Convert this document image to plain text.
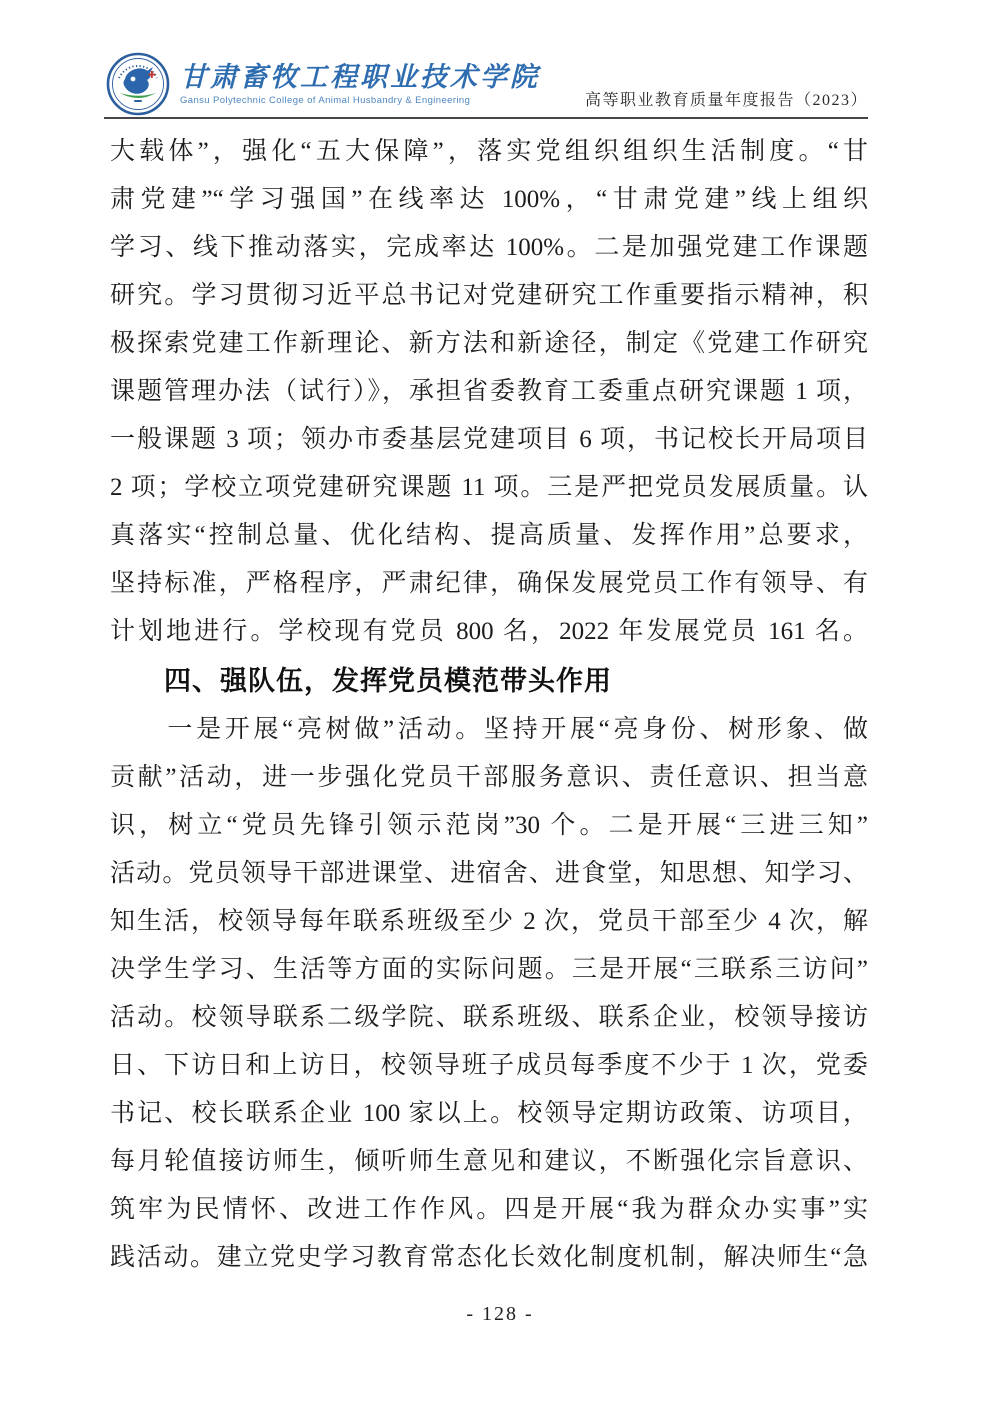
甘肃畜牧工程职业技术学院
Gansu Polytechnic College of Animal Husbandry & Engineering	高等职业教育质量年度报告（2023）
大载体”，强化“五大保障”，落实党组织组织生活制度。“甘
肃党建”“学习强国”在线率达 100%，“甘肃党建”线上组织
学习、线下推动落实，完成率达 100%。二是加强党建工作课题
研究。学习贯彻习近平总书记对党建研究工作重要指示精神，积
极探索党建工作新理论、新方法和新途径，制定《党建工作研究
课题管理办法（试行）》，承担省委教育工委重点研究课题 1 项，
一般课题 3 项；领办市委基层党建项目 6 项，书记校长开局项目
2 项；学校立项党建研究课题 11 项。三是严把党员发展质量。认
真落实“控制总量、优化结构、提高质量、发挥作用”总要求，
坚持标准，严格程序，严肃纪律，确保发展党员工作有领导、有
计划地进行。学校现有党员 800 名，2022 年发展党员 161 名。
四、强队伍，发挥党员模范带头作用
　　一是开展“亮树做”活动。坚持开展“亮身份、树形象、做
贡献”活动，进一步强化党员干部服务意识、责任意识、担当意
识，树立“党员先锋引领示范岗”30 个。二是开展“三进三知”
活动。党员领导干部进课堂、进宿舍、进食堂，知思想、知学习、
知生活，校领导每年联系班级至少 2 次，党员干部至少 4 次，解
决学生学习、生活等方面的实际问题。三是开展“三联系三访问”
活动。校领导联系二级学院、联系班级、联系企业，校领导接访
日、下访日和上访日，校领导班子成员每季度不少于 1 次，党委
书记、校长联系企业 100 家以上。校领导定期访政策、访项目，
每月轮值接访师生，倾听师生意见和建议，不断强化宗旨意识、
筑牢为民情怀、改进工作作风。四是开展“我为群众办实事”实
践活动。建立党史学习教育常态化长效化制度机制，解决师生“急
- 128 -
